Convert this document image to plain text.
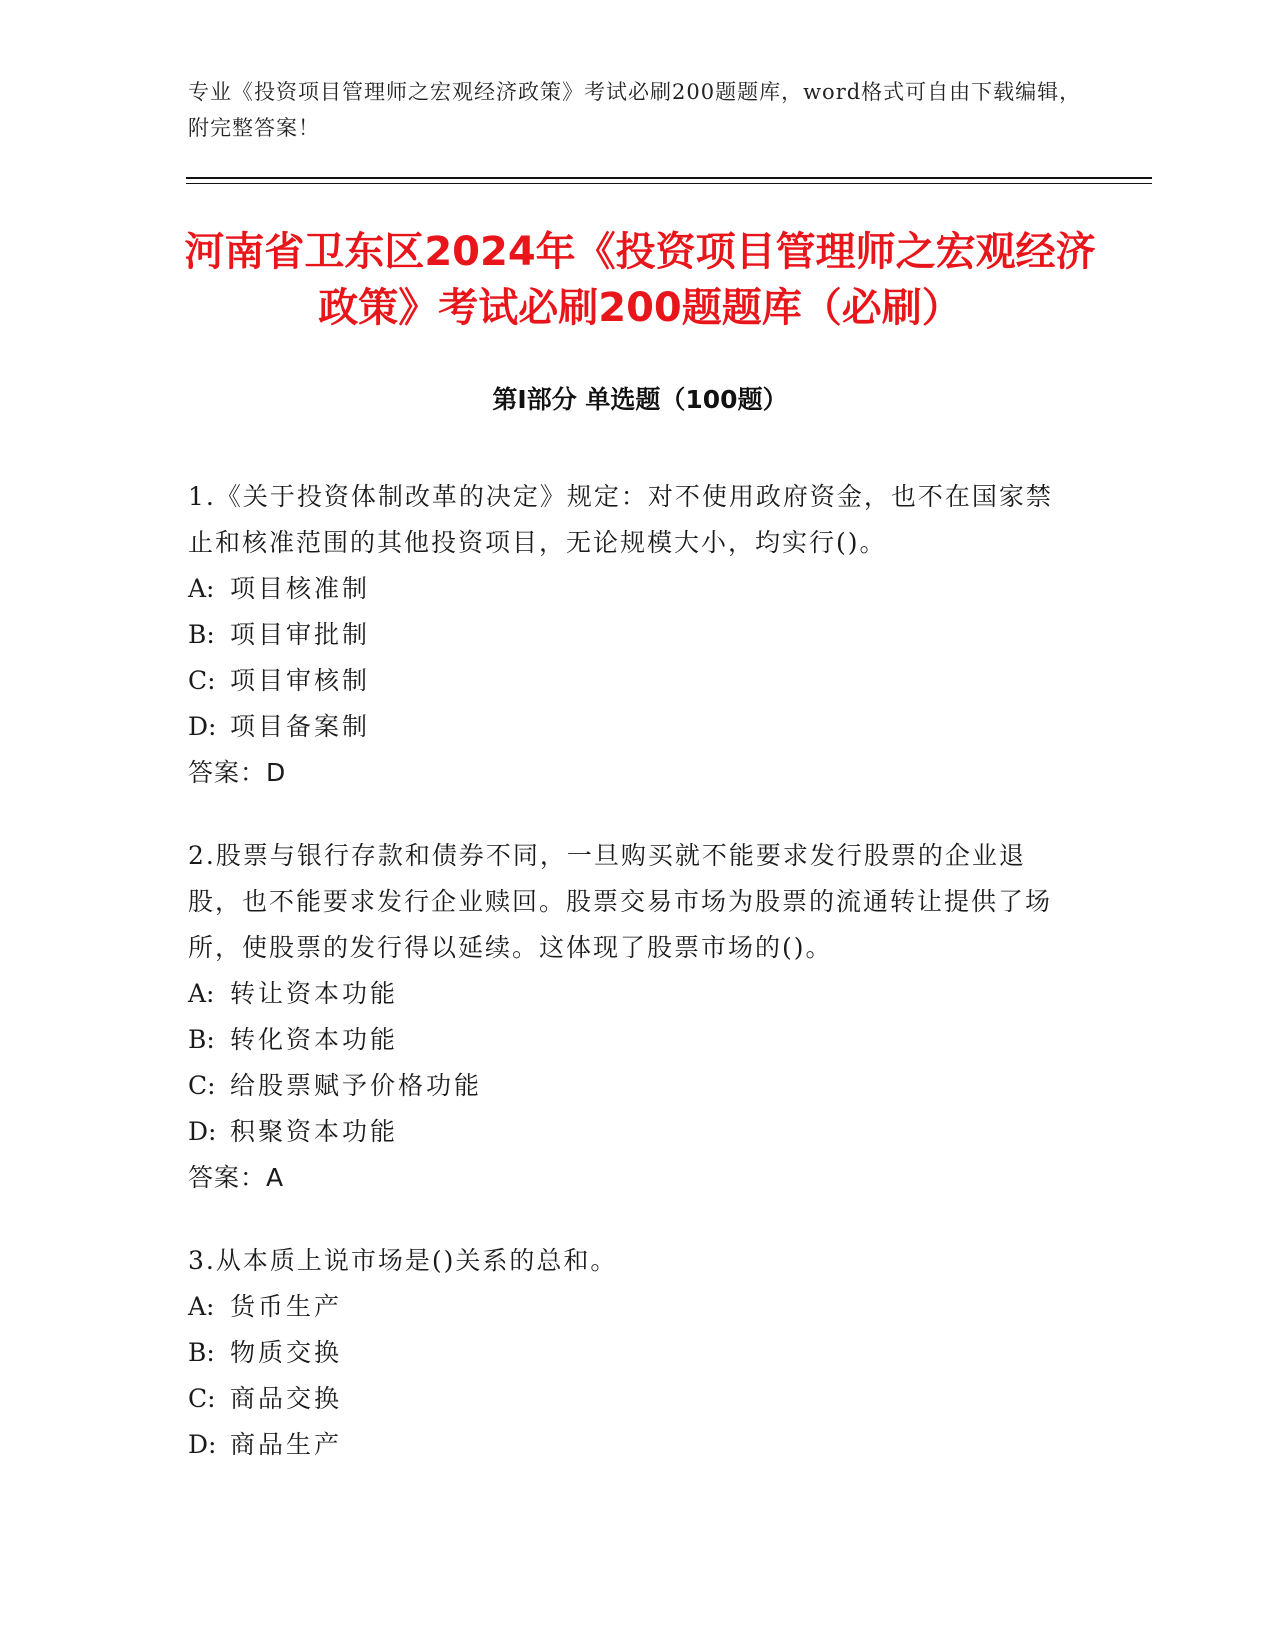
专业《投资项目管理师之宏观经济政策》考试必刷200题题库，word格式可自由下载编辑，附完整答案！
河南省卫东区2024年《投资项目管理师之宏观经济政策》考试必刷200题题库（必刷）
第Ⅰ部分 单选题（100题）

1.《关于投资体制改革的决定》规定：对不使用政府资金，也不在国家禁止和核准范围的其他投资项目，无论规模大小，均实行()。

A: 项目核准制

B: 项目审批制

C: 项目审核制

D: 项目备案制

答案：D

2.股票与银行存款和债券不同，一旦购买就不能要求发行股票的企业退股，也不能要求发行企业赎回。股票交易市场为股票的流通转让提供了场所，使股票的发行得以延续。这体现了股票市场的()。

A: 转让资本功能

B: 转化资本功能

C: 给股票赋予价格功能

D: 积聚资本功能

答案：A

3.从本质上说市场是()关系的总和。

A: 货币生产

B: 物质交换

C: 商品交换

D: 商品生产
